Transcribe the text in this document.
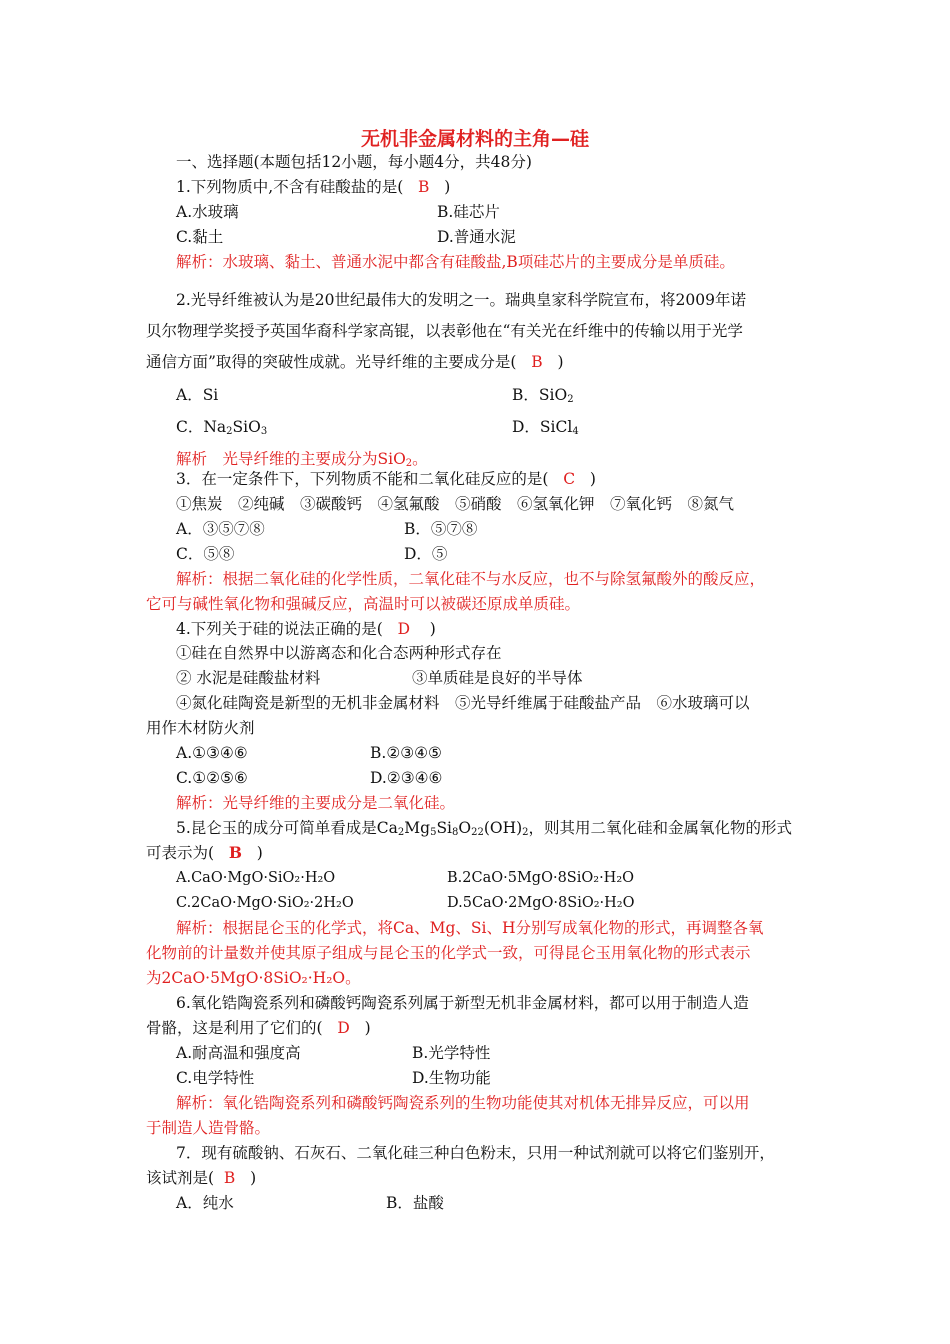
无机非金属材料的主角—硅
一、选择题(本题包括12小题，每小题4分，共48分)
1.下列物质中,不含有硅酸盐的是( B )
A.水玻璃	B.硅芯片
C.黏土	D.普通水泥
解析：水玻璃、黏土、普通水泥中都含有硅酸盐,B项硅芯片的主要成分是单质硅。
2.光导纤维被认为是20世纪最伟大的发明之一。瑞典皇家科学院宣布，将2009年诺
贝尔物理学奖授予英国华裔科学家高锟，以表彰他在“有关光在纤维中的传输以用于光学
通信方面”取得的突破性成就。光导纤维的主要成分是( B )
A．Si	B．SiO$_2$
C．$Na_2SiO_3$	D．SiCl$_4$
解析　光导纤维的主要成分为SiO$_2$。
3．在一定条件下，下列物质不能和二氧化硅反应的是( C )
①焦炭　②纯碱　③碳酸钙　④氢氟酸　⑤硝酸　⑥氢氧化钾　⑦氧化钙　⑧氮气
A．③⑤⑦⑧	B．⑤⑦⑧
C．⑤⑧	D．⑤
解析：根据二氧化硅的化学性质，二氧化硅不与水反应，也不与除氢氟酸外的酸反应，
它可与碱性氧化物和强碱反应，高温时可以被碳还原成单质硅。
4.下列关于硅的说法正确的是( D )
①硅在自然界中以游离态和化合态两种形式存在
② 水泥是硅酸盐材料	③单质硅是良好的半导体
④氮化硅陶瓷是新型的无机非金属材料　⑤光导纤维属于硅酸盐产品　⑥水玻璃可以
用作木材防火剂
A.①③④⑥	B.②③④⑤
C.①②⑤⑥	D.②③④⑥
解析：光导纤维的主要成分是二氧化硅。
5.昆仑玉的成分可简单看成是$Ca_2Mg_5Si_8O_{22}(OH)_2$，则其用二氧化硅和金属氧化物的形式
可表示为( B )
A.CaO·MgO·SiO₂·H₂O	B.2CaO·5MgO·8SiO₂·H₂O
C.2CaO·MgO·SiO₂·2H₂O	D.5CaO·2MgO·8SiO₂·H₂O
解析：根据昆仑玉的化学式，将Ca、Mg、Si、H分别写成氧化物的形式，再调整各氧
化物前的计量数并使其原子组成与昆仑玉的化学式一致，可得昆仑玉用氧化物的形式表示
为2CaO·5MgO·8SiO₂·H₂O。
6.氧化锆陶瓷系列和磷酸钙陶瓷系列属于新型无机非金属材料，都可以用于制造人造
骨骼，这是利用了它们的( D )
A.耐高温和强度高	B.光学特性
C.电学特性	D.生物功能
解析：氧化锆陶瓷系列和磷酸钙陶瓷系列的生物功能使其对机体无排异反应，可以用
于制造人造骨骼。
7．现有硫酸钠、石灰石、二氧化硅三种白色粉末，只用一种试剂就可以将它们鉴别开，
该试剂是( B )
A．纯水	B．盐酸
